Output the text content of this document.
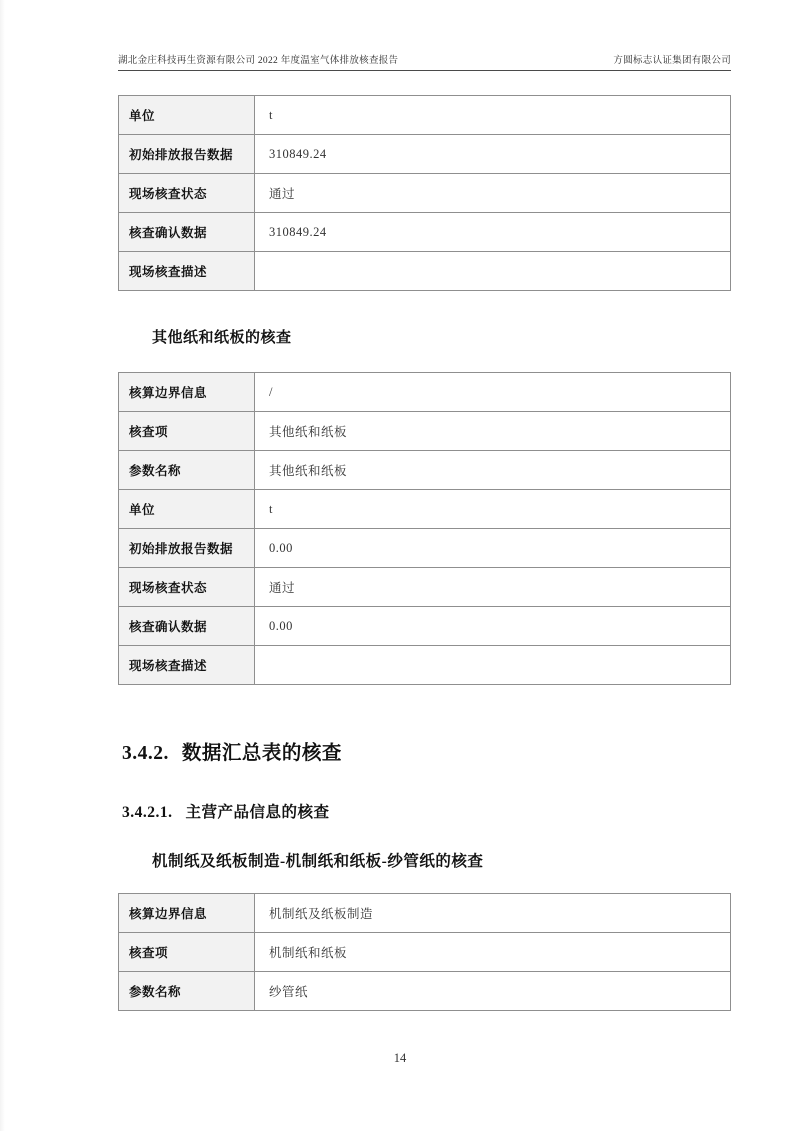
湖北金庄科技再生资源有限公司 2022 年度温室气体排放核查报告	方圆标志认证集团有限公司
单位	t
初始排放报告数据	310849.24
现场核查状态	通过
核查确认数据	310849.24
现场核查描述	
其他纸和纸板的核查
核算边界信息	/
核查项	其他纸和纸板
参数名称	其他纸和纸板
单位	t
初始排放报告数据	0.00
现场核查状态	通过
核查确认数据	0.00
现场核查描述	
3.4.2. 数据汇总表的核查
3.4.2.1. 主营产品信息的核查
机制纸及纸板制造-机制纸和纸板-纱管纸的核查
核算边界信息	机制纸及纸板制造
核查项	机制纸和纸板
参数名称	纱管纸
14
